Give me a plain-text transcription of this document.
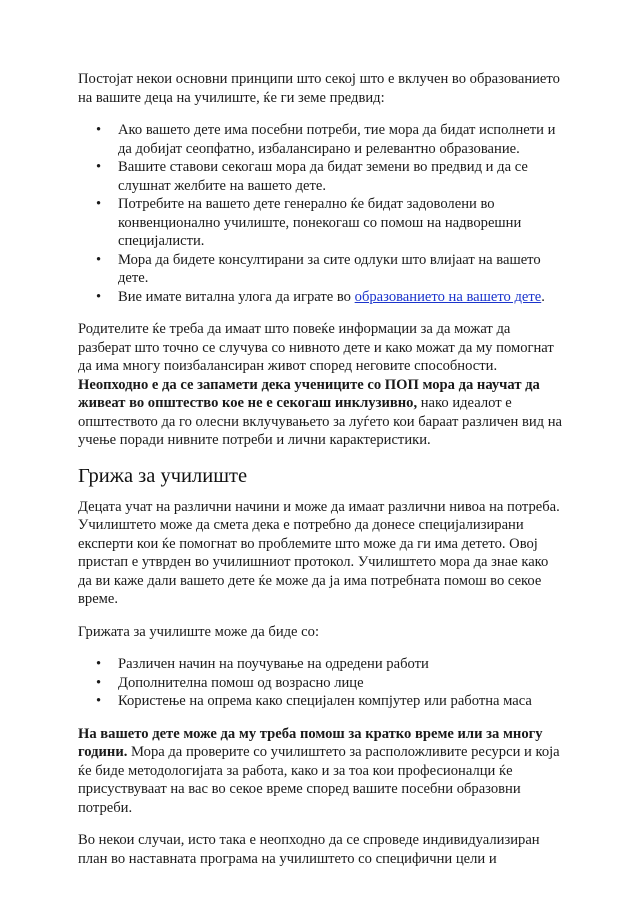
Постојат некои основни принципи што секој што е вклучен во образованието на вашите деца на училиште, ќе ги земе предвид:

• Ако вашето дете има посебни потреби, тие мора да бидат исполнети и да добијат сеопфатно, избалансирано и релевантно образование.
• Вашите ставови секогаш мора да бидат земени во предвид и да се слушнат желбите на вашето дете.
• Потребите на вашето дете генерално ќе бидат задоволени во конвенционално училиште, понекогаш со помош на надворешни специјалисти.
• Мора да бидете консултирани за сите одлуки што влијаат на вашето дете.
• Вие имате витална улога да играте во образованието на вашето дете.

Родителите ќе треба да имаат што повеќе информации за да можат да разберат што точно се случува со нивното дете и како можат да му помогнат да има многу поизбалансиран живот според неговите способности. Неопходно е да се запамети дека учениците со ПОП мора да научат да живеат во општество кое не е секогаш инклузивно, нако идеалот е општеството да го олесни вклучувањето за луѓето кои бараат различен вид на учење поради нивните потреби и лични карактеристики.

Грижа за училиште

Децата учат на различни начини и може да имаат различни нивоа на потреба. Училиштето може да смета дека е потребно да донесе специјализирани експерти кои ќе помогнат во проблемите што може да ги има детето. Овој пристап е утврден во училишниот протокол. Училиштето мора да знае како да ви каже дали вашето дете ќе може да ја има потребната помош во секое време.

Грижата за училиште може да биде со:

• Различен начин на поучување на одредени работи
• Дополнителна помош од возрасно лице
• Користење на опрема како специјален компјутер или работна маса

На вашето дете може да му треба помош за кратко време или за многу години. Мора да проверите со училиштето за расположливите ресурси и која ќе биде методологијата за работа, како и за тоа кои професионалци ќе присуствуваат на вас во секое време според вашите посебни образовни потреби.

Во некои случаи, исто така е неопходно да се спроведе индивидуализиран план во наставната програма на училиштето со специфични цели и
